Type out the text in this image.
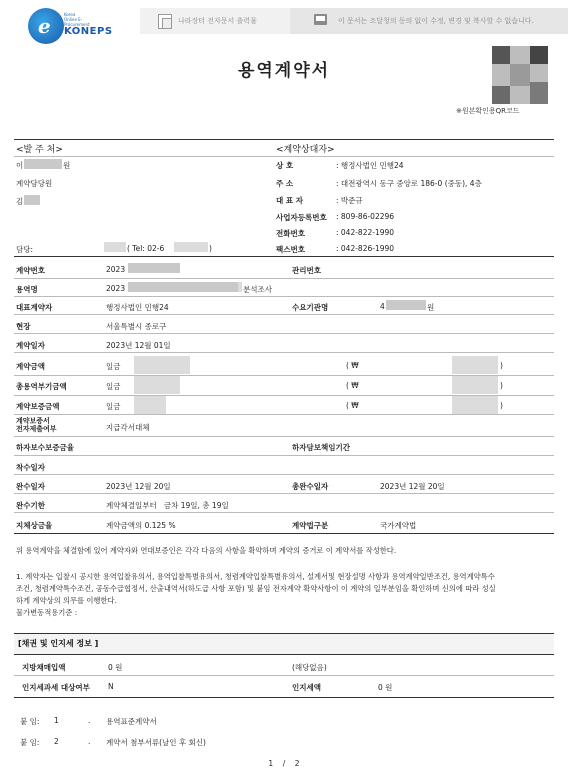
e	Korea
Online E-
Procurement
KONEPS
나라장터 전자문서 출력물	이 문서는 조달청의 동의 없이 수정, 변경 및 복사할 수 없습니다.
용역계약서
※원본확인용QR코드
<발 주 처>	<계약상대자>
이	원
계약담당원
김
담당:	( Tel: 02-6	)
상 호	: 행정사법인 민행24
주 소	: 대전광역시 동구 중앙로 186-0 (중동), 4층
대 표 자	: 박준규
사업자등록번호 : 809-86-02296
전화번호	: 042-822-1990
팩스번호	: 042-826-1990
계약번호	2023	관리번호
용역명	2023	분석조사
대표계약자	행정사법인 민행24	수요기관명	4	원
현장	서울특별시 종로구
계약일자	2023년 12월 01일
계약금액	일금	( ₩	)
총용역부기금액	일금	( ₩	)
계약보증금액	일금	( ₩	)
계약보증서
전자제출여부	지급각서대체
하자보수보증금율	하자담보책임기간
착수일자
완수일자	2023년 12월 20일	총완수일자	2023년 12월 20일
완수기한	계약체결일부터   금차 19일, 총 19일
지체상금율	계약금액의 0.125 %	계약법구분	국가계약법
위 용역계약을 체결함에 있어 계약자와 연대보증인은 각각 다음의 사항을 확약하며 계약의 증거로 이 계약서를 작성한다.
1. 계약자는 입찰시 공시한 용역입찰유의서, 용역입찰특별유의서, 청렴계약입찰특별유의서, 설계서및 현장설명 사항과 용역계약일반조건, 용역계약특수
조건, 청렴계약특수조건, 공동수급협정서, 산출내역서(하도급 사항 포함) 및 붙임 전자계약 확약사항이 이 계약의 일부분임을 확인하며 신의에 따라 성실
하게 계약상의 의무를 이행한다.
물가변동적용기준 :
[채권 및 인지세 정보 ]
지방채매입액	0 원	(해당없음)
인지세과세 대상여부 N	인지세액	0 원
붙 임: 1	. 용역표준계약서
붙 임: 2	. 계약서 첨부서류(날인 후 회신)
1    /    2
